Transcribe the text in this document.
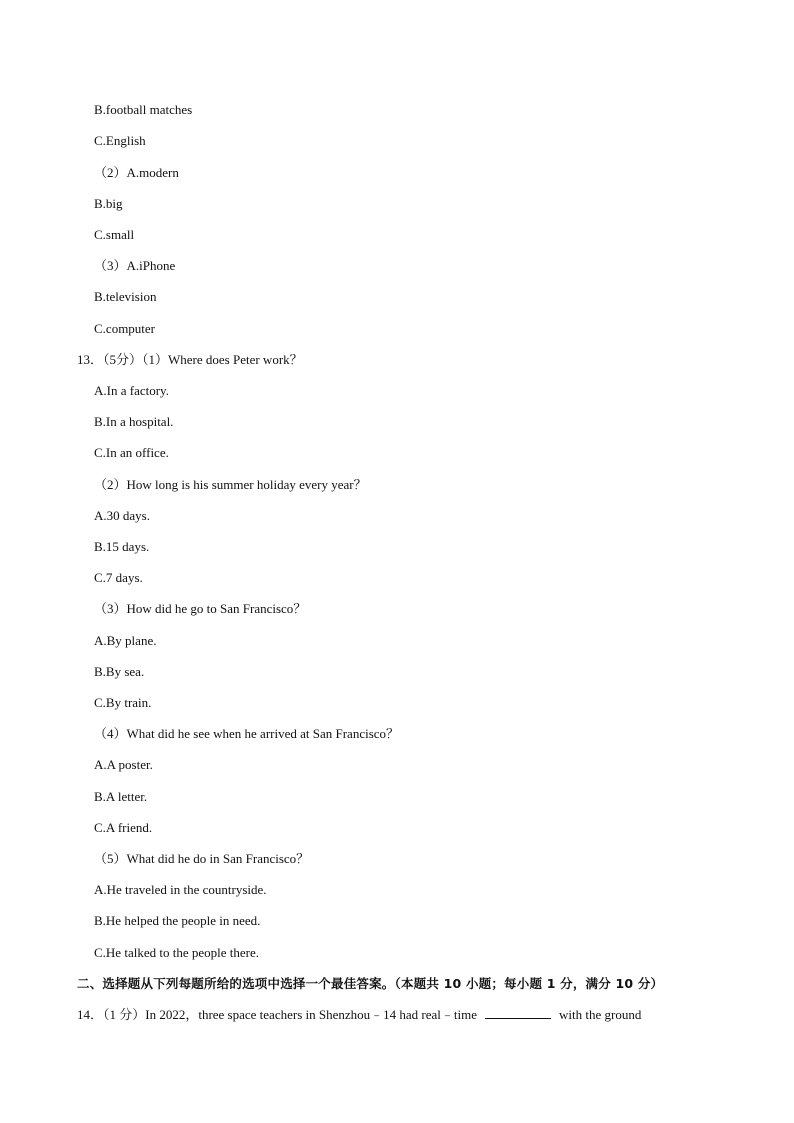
B.football matches
C.English
（2）A.modern
B.big
C.small
（3）A.iPhone
B.television
C.computer
13．（5分）（1）Where does Peter work？
A.In a factory.
B.In a hospital.
C.In an office.
（2）How long is his summer holiday every year？
A.30 days.
B.15 days.
C.7 days.
（3）How did he go to San Francisco？
A.By plane.
B.By sea.
C.By train.
（4）What did he see when he arrived at San Francisco？
A.A poster.
B.A letter.
C.A friend.
（5）What did he do in San Francisco？
A.He traveled in the countryside.
B.He helped the people in need.
C.He talked to the people there.
二、选择题从下列每题所给的选项中选择一个最佳答案。（本题共 10 小题；每小题 1 分，满分 10 分）
14．（1 分）In 2022，three space teachers in Shenzhou﹣14 had real﹣time	with the ground
